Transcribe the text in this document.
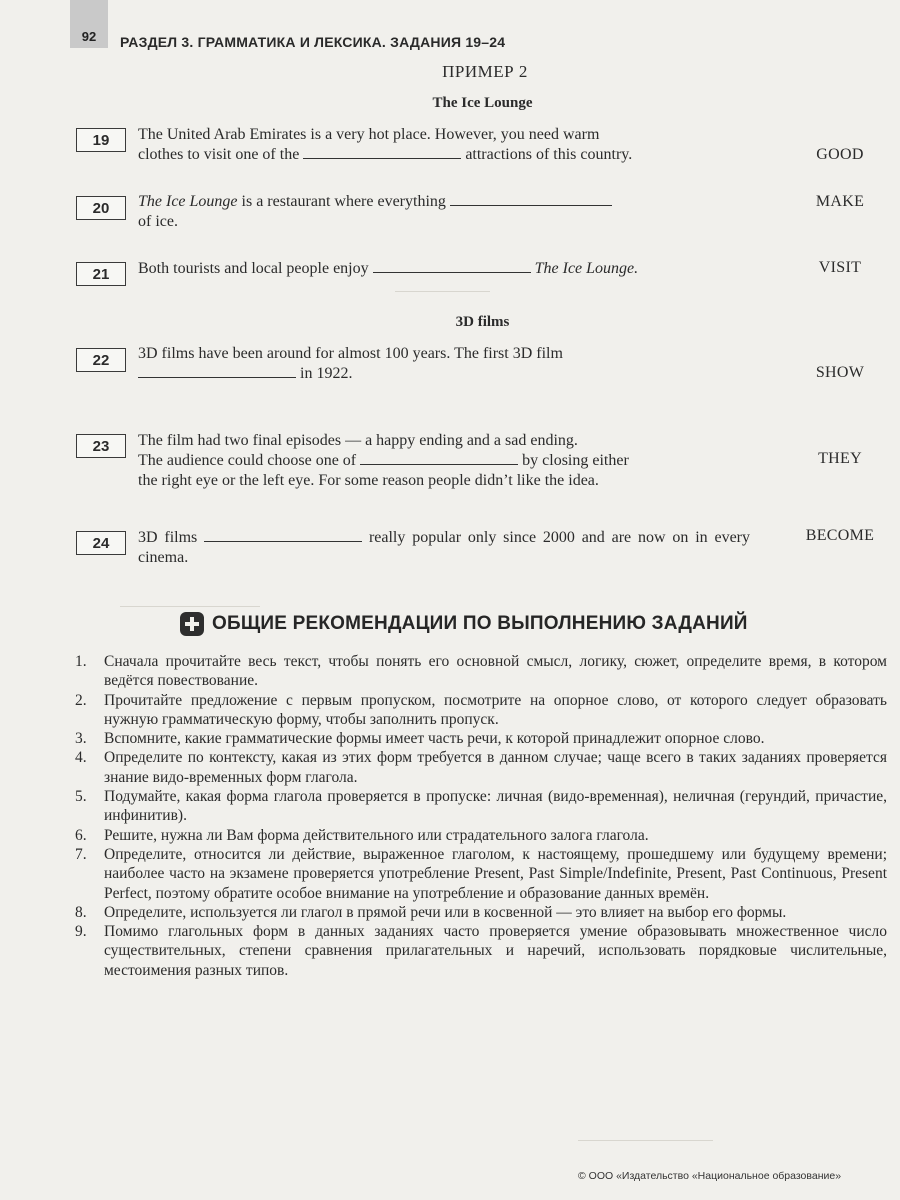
92	РАЗДЕЛ 3. ГРАММАТИКА И ЛЕКСИКА. ЗАДАНИЯ 19–24
ПРИМЕР 2
The Ice Lounge
19	The United Arab Emirates is a very hot place. However, you need warm
clothes to visit one of the	attractions of this country.	GOOD
20	The Ice Lounge is a restaurant where everything
of ice.
MAKE
21	Both tourists and local people enjoy	The Ice Lounge.	VISIT
3D films
22	3D films have been around for almost 100 years. The first 3D film
in 1922.	SHOW
23	The film had two final episodes — a happy ending and a sad ending.
The audience could choose one of	by closing either
the right eye or the left eye. For some reason people didn’t like the idea.
THEY
24	3D films	really popular only since 2000 and are now on in every cinema.
BECOME
ОБЩИЕ РЕКОМЕНДАЦИИ ПО ВЫПОЛНЕНИЮ ЗАДАНИЙ
1. Сначала прочитайте весь текст, чтобы понять его основной смысл, логику, сюжет, определите время, в котором ведётся повествование.
2. Прочитайте предложение с первым пропуском, посмотрите на опорное слово, от которого следует образовать нужную грамматическую форму, чтобы заполнить пропуск.
3. Вспомните, какие грамматические формы имеет часть речи, к которой принадлежит опорное слово.
4. Определите по контексту, какая из этих форм требуется в данном случае; чаще всего в таких заданиях проверяется знание видо-временных форм глагола.
5. Подумайте, какая форма глагола проверяется в пропуске: личная (видо-временная), неличная (герундий, причастие, инфинитив).
6. Решите, нужна ли Вам форма действительного или страдательного залога глагола.
7. Определите, относится ли действие, выраженное глаголом, к настоящему, прошедшему или будущему времени; наиболее часто на экзамене проверяется употребление Present, Past Simple/Indefinite, Present, Past Continuous, Present Perfect, поэтому обратите особое внимание на употребление и образование данных времён.
8. Определите, используется ли глагол в прямой речи или в косвенной — это влияет на выбор его формы.
9. Помимо глагольных форм в данных заданиях часто проверяется умение образовывать множественное число существительных, степени сравнения прилагательных и наречий, использовать порядковые числительные, местоимения разных типов.
© ООО «Издательство «Национальное образование»
